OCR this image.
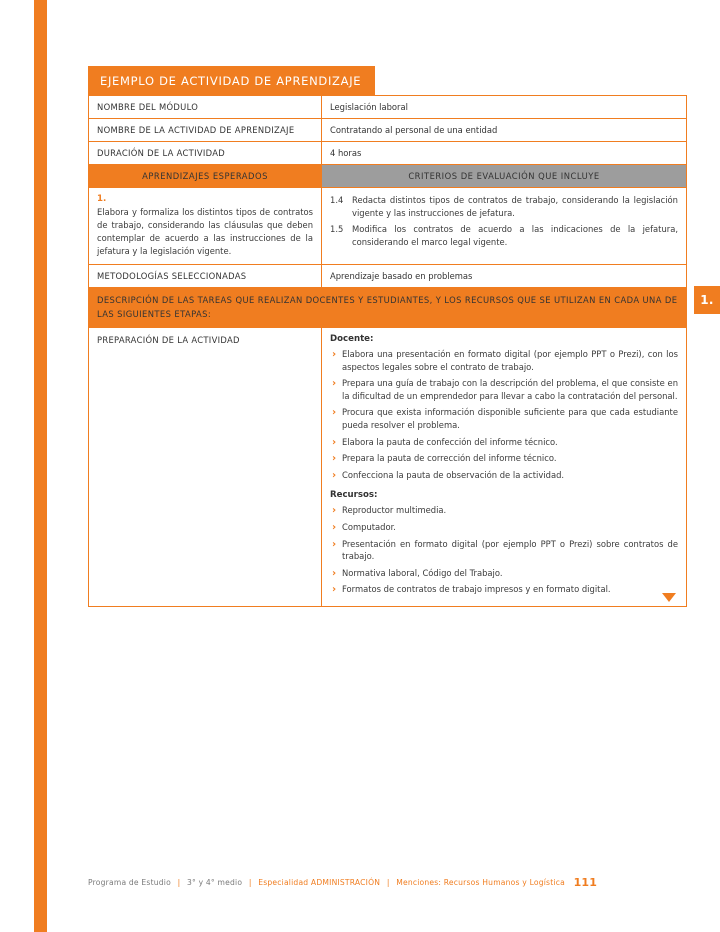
1.
EJEMPLO DE ACTIVIDAD DE APRENDIZAJE
NOMBRE DEL MÓDULO	Legislación laboral
NOMBRE DE LA ACTIVIDAD DE APRENDIZAJE	Contratando al personal de una entidad
DURACIÓN DE LA ACTIVIDAD	4 horas
APRENDIZAJES ESPERADOS	CRITERIOS DE EVALUACIÓN QUE INCLUYE

1.
Elabora y formaliza los distintos tipos de contratos de trabajo, considerando las cláusulas que deben contemplar de acuerdo a las instrucciones de la jefatura y la legislación vigente.

1.4	Redacta distintos tipos de contratos de trabajo, considerando la legislación vigente y las instrucciones de jefatura.
1.5	Modifica los contratos de acuerdo a las indicaciones de la jefatura, considerando el marco legal vigente.

METODOLOGÍAS SELECCIONADAS	Aprendizaje basado en problemas
DESCRIPCIÓN DE LAS TAREAS QUE REALIZAN DOCENTES Y ESTUDIANTES, Y LOS RECURSOS QUE SE UTILIZAN EN CADA UNA DE LAS SIGUIENTES ETAPAS:	
PREPARACIÓN DE LA ACTIVIDAD	Docente:
› Elabora una presentación en formato digital (por ejemplo PPT o Prezi), con los aspectos legales sobre el contrato de trabajo.
› Prepara una guía de trabajo con la descripción del problema, el que consiste en la dificultad de un emprendedor para llevar a cabo la contratación del personal.
› Procura que exista información disponible suficiente para que cada estudiante pueda resolver el problema.
› Elabora la pauta de confección del informe técnico.
› Prepara la pauta de corrección del informe técnico.
› Confecciona la pauta de observación de la actividad.
Recursos:
› Reproductor multimedia.
› Computador.
› Presentación en formato digital (por ejemplo PPT o Prezi) sobre contratos de trabajo.
› Normativa laboral, Código del Trabajo.
› Formatos de contratos de trabajo impresos y en formato digital.
Programa de Estudio | 3° y 4° medio | Especialidad ADMINISTRACIÓN | Menciones: Recursos Humanos y Logística 111
